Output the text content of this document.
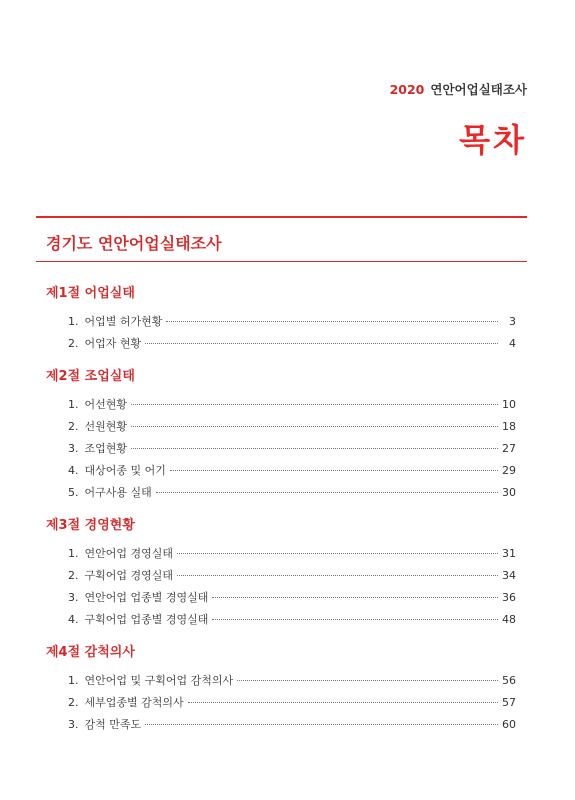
2020 연안어업실태조사
목차
경기도 연안어업실태조사
제1절 어업실태
1. 어업별 허가현황	3
2. 어업자 현황	4
제2절 조업실태
1. 어선현황	10
2. 선원현황	18
3. 조업현황	27
4. 대상어종 및 어기	29
5. 어구사용 실태	30
제3절 경영현황
1. 연안어업 경영실태	31
2. 구획어업 경영실태	34
3. 연안어업 업종별 경영실태	36
4. 구획어업 업종별 경영실태	48
제4절 감척의사
1. 연안어업 및 구획어업 감척의사	56
2. 세부업종별 감척의사	57
3. 감척 만족도	60
